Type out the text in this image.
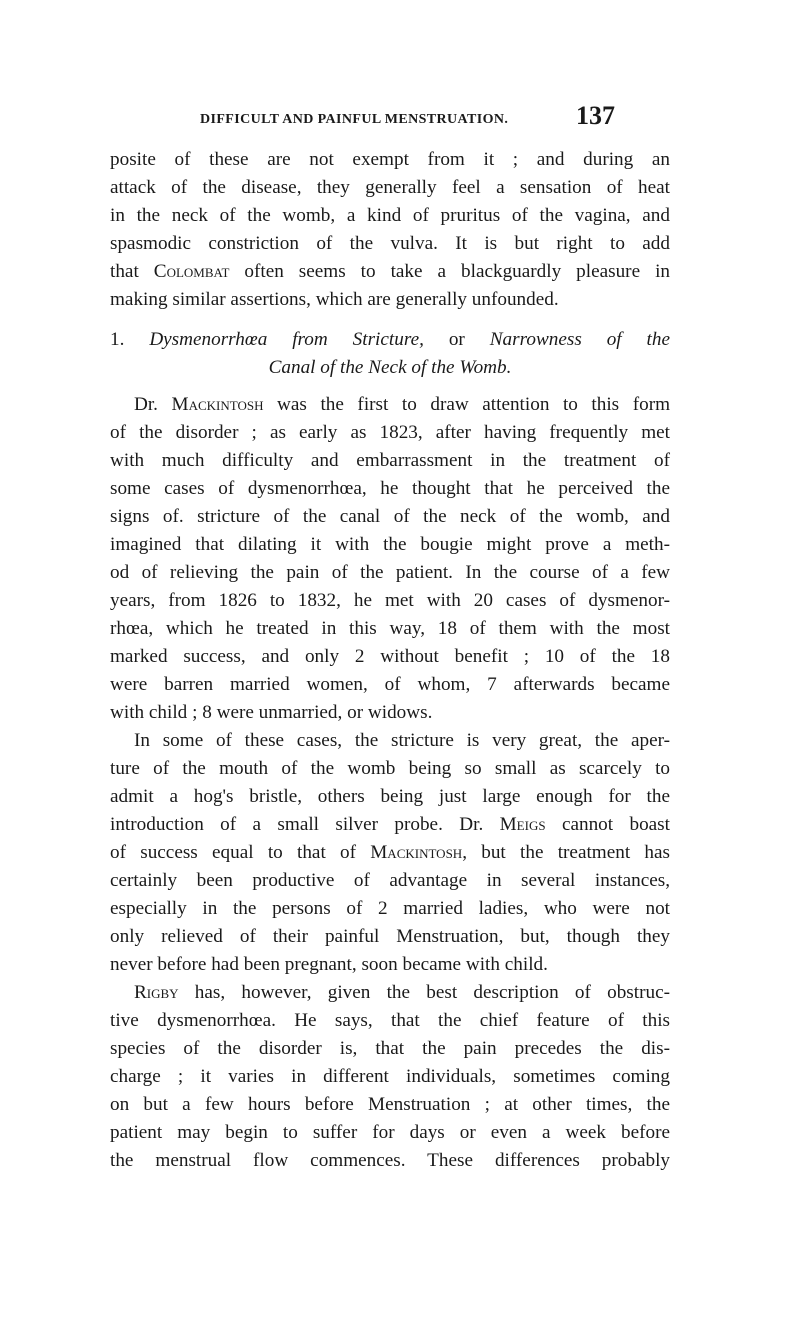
DIFFICULT AND PAINFUL MENSTRUATION.	137
posite of these are not exempt from it ; and during an
attack of the disease, they generally feel a sensation of heat
in the neck of the womb, a kind of pruritus of the vagina, and
spasmodic constriction of the vulva. It is but right to add
that Colombat often seems to take a blackguardly pleasure in
making similar assertions, which are generally unfounded.
1. Dysmenorrhœa from Stricture, or Narrowness of the
Canal of the Neck of the Womb.
Dr. Mackintosh was the first to draw attention to this form
of the disorder ; as early as 1823, after having frequently met
with much difficulty and embarrassment in the treatment of
some cases of dysmenorrhœa, he thought that he perceived the
signs of. stricture of the canal of the neck of the womb, and
imagined that dilating it with the bougie might prove a meth-
od of relieving the pain of the patient. In the course of a few
years, from 1826 to 1832, he met with 20 cases of dysmenor-
rhœa, which he treated in this way, 18 of them with the most
marked success, and only 2 without benefit ; 10 of the 18
were barren married women, of whom, 7 afterwards became
with child ; 8 were unmarried, or widows.
In some of these cases, the stricture is very great, the aper-
ture of the mouth of the womb being so small as scarcely to
admit a hog's bristle, others being just large enough for the
introduction of a small silver probe. Dr. Meigs cannot boast
of success equal to that of Mackintosh, but the treatment has
certainly been productive of advantage in several instances,
especially in the persons of 2 married ladies, who were not
only relieved of their painful Menstruation, but, though they
never before had been pregnant, soon became with child.
Rigby has, however, given the best description of obstruc-
tive dysmenorrhœa. He says, that the chief feature of this
species of the disorder is, that the pain precedes the dis-
charge ; it varies in different individuals, sometimes coming
on but a few hours before Menstruation ; at other times, the
patient may begin to suffer for days or even a week before
the menstrual flow commences. These differences probably
